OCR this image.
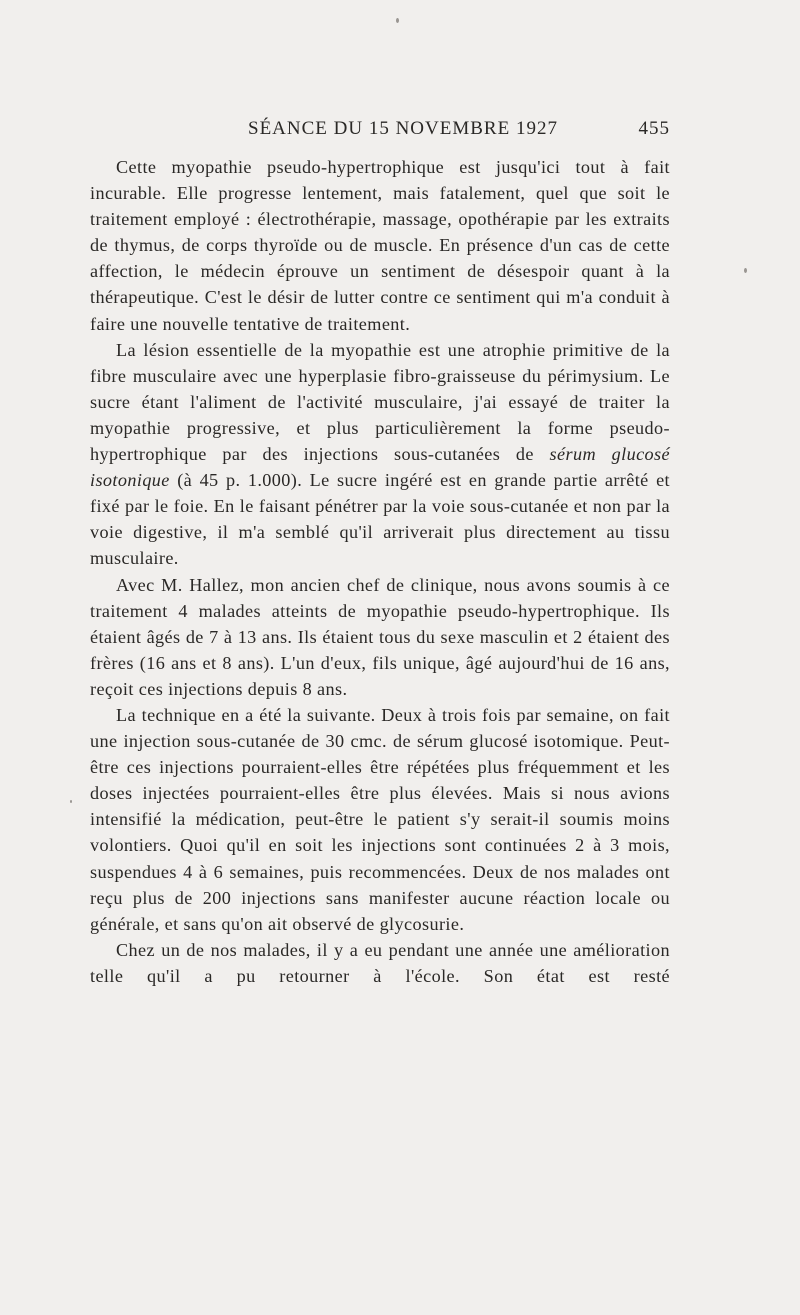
SÉANCE DU 15 NOVEMBRE 1927	455

Cette myopathie pseudo-hypertrophique est jusqu'ici tout à fait incurable. Elle progresse lentement, mais fatalement, quel que soit le traitement employé : électrothérapie, massage, opothérapie par les extraits de thymus, de corps thyroïde ou de muscle. En présence d'un cas de cette affection, le médecin éprouve un sentiment de désespoir quant à la thérapeutique. C'est le désir de lutter contre ce sentiment qui m'a conduit à faire une nouvelle tentative de traitement.

La lésion essentielle de la myopathie est une atrophie primitive de la fibre musculaire avec une hyperplasie fibro-graisseuse du périmysium. Le sucre étant l'aliment de l'activité musculaire, j'ai essayé de traiter la myopathie progressive, et plus particulièrement la forme pseudo-hypertrophique par des injections sous-cutanées de sérum glucosé isotonique (à 45 p. 1.000). Le sucre ingéré est en grande partie arrêté et fixé par le foie. En le faisant pénétrer par la voie sous-cutanée et non par la voie digestive, il m'a semblé qu'il arriverait plus directement au tissu musculaire.

Avec M. Hallez, mon ancien chef de clinique, nous avons soumis à ce traitement 4 malades atteints de myopathie pseudo-hypertrophique. Ils étaient âgés de 7 à 13 ans. Ils étaient tous du sexe masculin et 2 étaient des frères (16 ans et 8 ans). L'un d'eux, fils unique, âgé aujourd'hui de 16 ans, reçoit ces injections depuis 8 ans.

La technique en a été la suivante. Deux à trois fois par semaine, on fait une injection sous-cutanée de 30 cmc. de sérum glucosé isotomique. Peut-être ces injections pourraient-elles être répétées plus fréquemment et les doses injectées pourraient-elles être plus élevées. Mais si nous avions intensifié la médication, peut-être le patient s'y serait-il soumis moins volontiers. Quoi qu'il en soit les injections sont continuées 2 à 3 mois, suspendues 4 à 6 semaines, puis recommencées. Deux de nos malades ont reçu plus de 200 injections sans manifester aucune réaction locale ou générale, et sans qu'on ait observé de glycosurie.

Chez un de nos malades, il y a eu pendant une année une amélioration telle qu'il a pu retourner à l'école. Son état est resté
